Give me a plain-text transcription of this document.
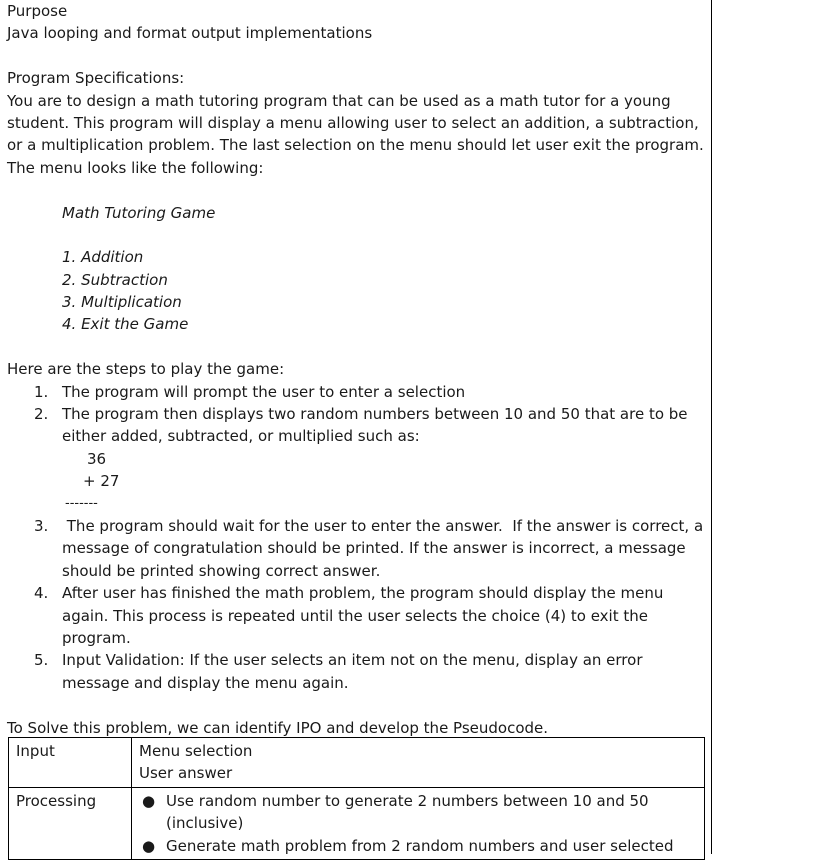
Purpose
Java looping and format output implementations
Program Specifications:
You are to design a math tutoring program that can be used as a math tutor for a young
student. This program will display a menu allowing user to select an addition, a subtraction,
or a multiplication problem. The last selection on the menu should let user exit the program.
The menu looks like the following:
Math Tutoring Game
1. Addition
2. Subtraction
3. Multiplication
4. Exit the Game
Here are the steps to play the game:
1. The program will prompt the user to enter a selection
2. The program then displays two random numbers between 10 and 50 that are to be
either added, subtracted, or multiplied such as:
36
+ 27
-------
3. The program should wait for the user to enter the answer.  If the answer is correct, a
message of congratulation should be printed. If the answer is incorrect, a message
should be printed showing correct answer.
4. After user has finished the math problem, the program should display the menu
again. This process is repeated until the user selects the choice (4) to exit the
program.
5. Input Validation: If the user selects an item not on the menu, display an error
message and display the menu again.
To Solve this problem, we can identify IPO and develop the Pseudocode.
Input	Menu selection
User answer

Processing	● Use random number to generate 2 numbers between 10 and 50
(inclusive)
● Generate math problem from 2 random numbers and user selected
